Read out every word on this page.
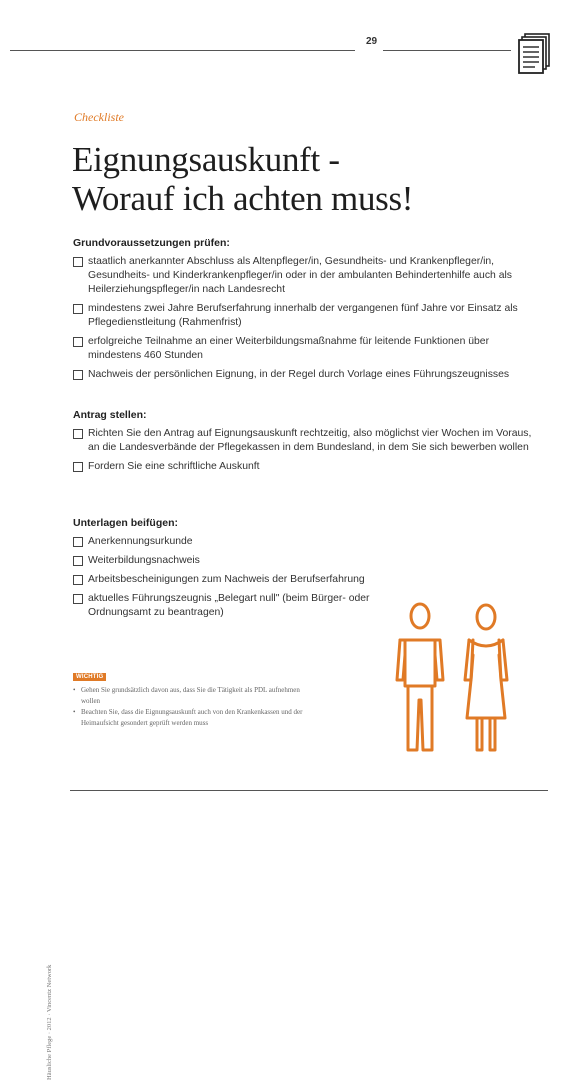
29
Checkliste
Eignungsauskunft -
Worauf ich achten muss!
Grundvoraussetzungen prüfen:
staatlich anerkannter Abschluss als Altenpfleger/in, Gesundheits- und Krankenpfleger/in, Gesundheits- und Kinderkrankenpfleger/in oder in der ambulanten Behindertenhilfe auch als Heilerziehungspfleger/in nach Landesrecht
mindestens zwei Jahre Berufserfahrung innerhalb der vergangenen fünf Jahre vor Einsatz als Pflegedienstleitung (Rahmenfrist)
erfolgreiche Teilnahme an einer Weiterbildungsmaßnahme für leitende Funktionen über mindestens 460 Stunden
Nachweis der persönlichen Eignung, in der Regel durch Vorlage eines Führungszeugnisses
Antrag stellen:
Richten Sie den Antrag auf Eignungsauskunft rechtzeitig, also möglichst vier Wochen im Voraus, an die Landesverbände der Pflegekassen in dem Bundesland, in dem Sie sich bewerben wollen
Fordern Sie eine schriftliche Auskunft
Unterlagen beifügen:
Anerkennungsurkunde
Weiterbildungsnachweis
Arbeitsbescheinigungen zum Nachweis der Berufserfahrung
aktuelles Führungszeugnis „Belegart null" (beim Bürger- oder Ordnungsamt zu beantragen)
Häusliche Pflege · 2012 · Vincentz Network
WICHTIG
• Gehen Sie grundsätzlich davon aus, dass Sie die Tätigkeit als PDL aufnehmen wollen
• Beachten Sie, dass die Eignungsauskunft auch von den Krankenkassen und der Heimaufsicht gesondert geprüft werden muss
